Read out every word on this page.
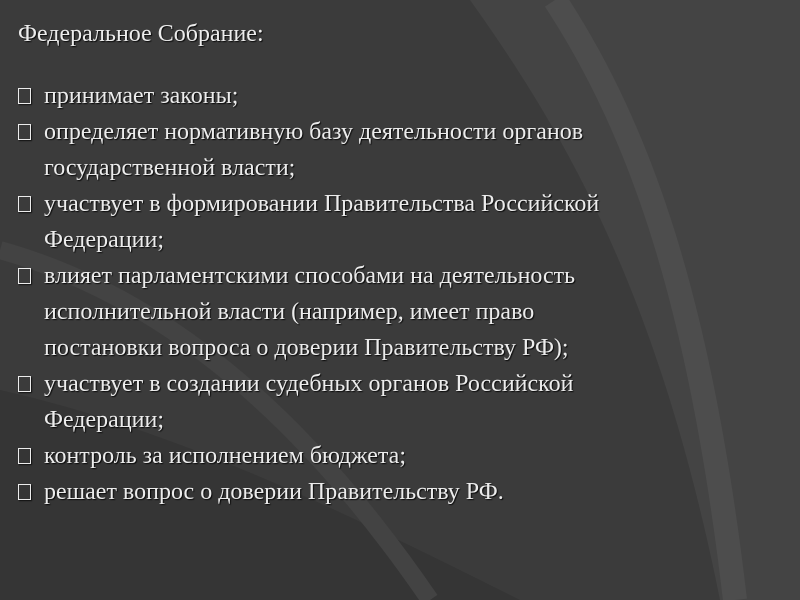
Федеральное Собрание:
принимает законы;
определяет нормативную базу деятельности органов
государственной власти;
участвует в формировании Правительства Российской
Федерации;
влияет парламентскими способами на деятельность
исполнительной власти (например, имеет право
постановки вопроса о доверии Правительству РФ);
участвует в создании судебных органов Российской
Федерации;
контроль за исполнением бюджета;
решает вопрос о доверии Правительству РФ.
